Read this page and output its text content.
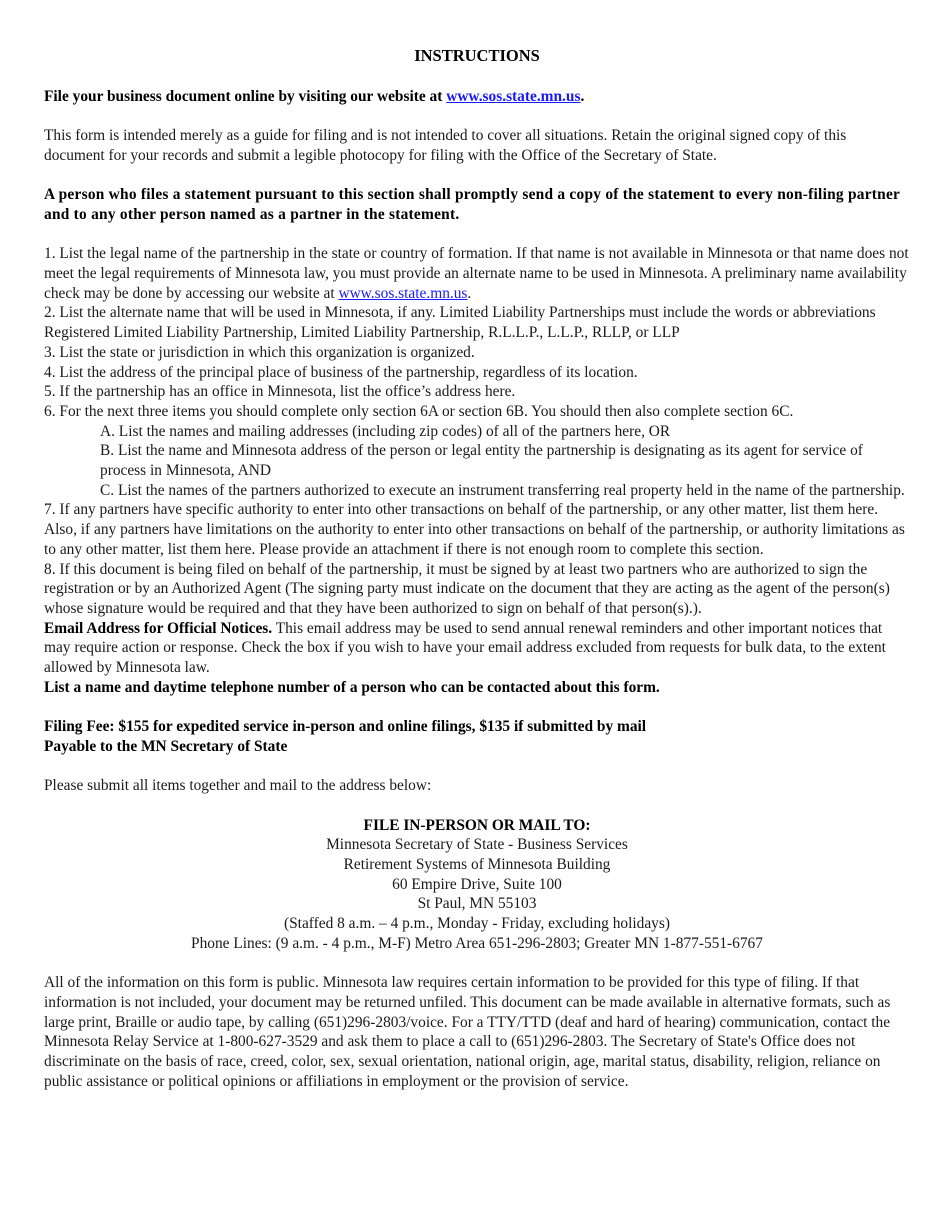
INSTRUCTIONS

File your business document online by visiting our website at www.sos.state.mn.us.

This form is intended merely as a guide for filing and is not intended to cover all situations. Retain the original signed copy of this document for your records and submit a legible photocopy for filing with the Office of the Secretary of State.

A person who files a statement pursuant to this section shall promptly send a copy of the statement to every non-filing partner and to any other person named as a partner in the statement.

1. List the legal name of the partnership in the state or country of formation. If that name is not available in Minnesota or that name does not meet the legal requirements of Minnesota law, you must provide an alternate name to be used in Minnesota. A preliminary name availability check may be done by accessing our website at www.sos.state.mn.us.

2. List the alternate name that will be used in Minnesota, if any. Limited Liability Partnerships must include the words or abbreviations Registered Limited Liability Partnership, Limited Liability Partnership, R.L.L.P., L.L.P., RLLP, or LLP

3. List the state or jurisdiction in which this organization is organized.

4. List the address of the principal place of business of the partnership, regardless of its location.

5. If the partnership has an office in Minnesota, list the office’s address here.

6. For the next three items you should complete only section 6A or section 6B. You should then also complete section 6C.

A. List the names and mailing addresses (including zip codes) of all of the partners here, OR

B. List the name and Minnesota address of the person or legal entity the partnership is designating as its agent for service of process in Minnesota, AND

C. List the names of the partners authorized to execute an instrument transferring real property held in the name of the partnership.

7. If any partners have specific authority to enter into other transactions on behalf of the partnership, or any other matter, list them here. Also, if any partners have limitations on the authority to enter into other transactions on behalf of the partnership, or authority limitations as to any other matter, list them here. Please provide an attachment if there is not enough room to complete this section.

8. If this document is being filed on behalf of the partnership, it must be signed by at least two partners who are authorized to sign the registration or by an Authorized Agent (The signing party must indicate on the document that they are acting as the agent of the person(s) whose signature would be required and that they have been authorized to sign on behalf of that person(s).).

Email Address for Official Notices. This email address may be used to send annual renewal reminders and other important notices that may require action or response. Check the box if you wish to have your email address excluded from requests for bulk data, to the extent allowed by Minnesota law.

List a name and daytime telephone number of a person who can be contacted about this form.

Filing Fee: $155 for expedited service in-person and online filings, $135 if submitted by mail

Payable to the MN Secretary of State

Please submit all items together and mail to the address below:

FILE IN-PERSON OR MAIL TO:

Minnesota Secretary of State - Business Services

Retirement Systems of Minnesota Building

60 Empire Drive, Suite 100

St Paul, MN 55103

(Staffed 8 a.m. – 4 p.m., Monday - Friday, excluding holidays)

Phone Lines: (9 a.m. - 4 p.m., M-F) Metro Area 651-296-2803; Greater MN 1-877-551-6767

All of the information on this form is public. Minnesota law requires certain information to be provided for this type of filing. If that information is not included, your document may be returned unfiled. This document can be made available in alternative formats, such as large print, Braille or audio tape, by calling (651)296-2803/voice. For a TTY/TTD (deaf and hard of hearing) communication, contact the Minnesota Relay Service at 1-800-627-3529 and ask them to place a call to (651)296-2803. The Secretary of State's Office does not discriminate on the basis of race, creed, color, sex, sexual orientation, national origin, age, marital status, disability, religion, reliance on public assistance or political opinions or affiliations in employment or the provision of service.
